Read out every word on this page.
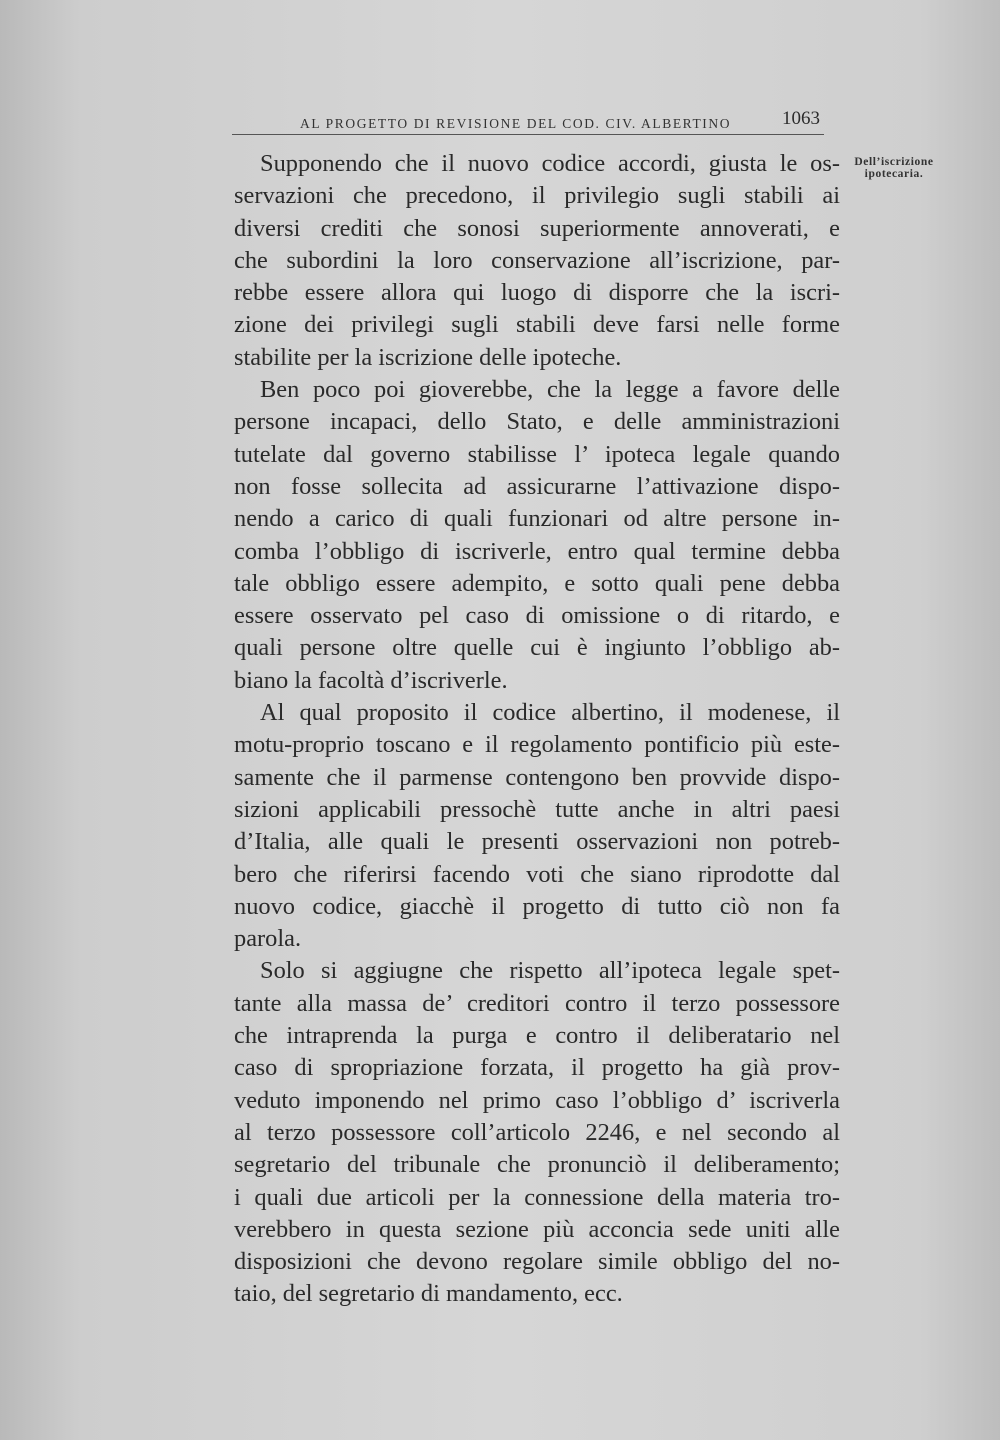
AL PROGETTO DI REVISIONE DEL COD. CIV. ALBERTINO	1063
Dell’iscrizione
ipotecaria.
Supponendo che il nuovo codice accordi, giusta le os-
servazioni che precedono, il privilegio sugli stabili ai
diversi crediti che sonosi superiormente annoverati, e
che subordini la loro conservazione all’iscrizione, par-
rebbe essere allora qui luogo di disporre che la iscri-
zione dei privilegi sugli stabili deve farsi nelle forme
stabilite per la iscrizione delle ipoteche.
Ben poco poi gioverebbe, che la legge a favore delle
persone incapaci, dello Stato, e delle amministrazioni
tutelate dal governo stabilisse l’ ipoteca legale quando
non fosse sollecita ad assicurarne l’attivazione dispo-
nendo a carico di quali funzionari od altre persone in-
comba l’obbligo di iscriverle, entro qual termine debba
tale obbligo essere adempito, e sotto quali pene debba
essere osservato pel caso di omissione o di ritardo, e
quali persone oltre quelle cui è ingiunto l’obbligo ab-
biano la facoltà d’iscriverle.
Al qual proposito il codice albertino, il modenese, il
motu-proprio toscano e il regolamento pontificio più este-
samente che il parmense contengono ben provvide dispo-
sizioni applicabili pressochè tutte anche in altri paesi
d’Italia, alle quali le presenti osservazioni non potreb-
bero che riferirsi facendo voti che siano riprodotte dal
nuovo codice, giacchè il progetto di tutto ciò non fa
parola.
Solo si aggiugne che rispetto all’ipoteca legale spet-
tante alla massa de’ creditori contro il terzo possessore
che intraprenda la purga e contro il deliberatario nel
caso di spropriazione forzata, il progetto ha già prov-
veduto imponendo nel primo caso l’obbligo d’ iscriverla
al terzo possessore coll’articolo 2246, e nel secondo al
segretario del tribunale che pronunciò il deliberamento;
i quali due articoli per la connessione della materia tro-
verebbero in questa sezione più acconcia sede uniti alle
disposizioni che devono regolare simile obbligo del no-
taio, del segretario di mandamento, ecc.
